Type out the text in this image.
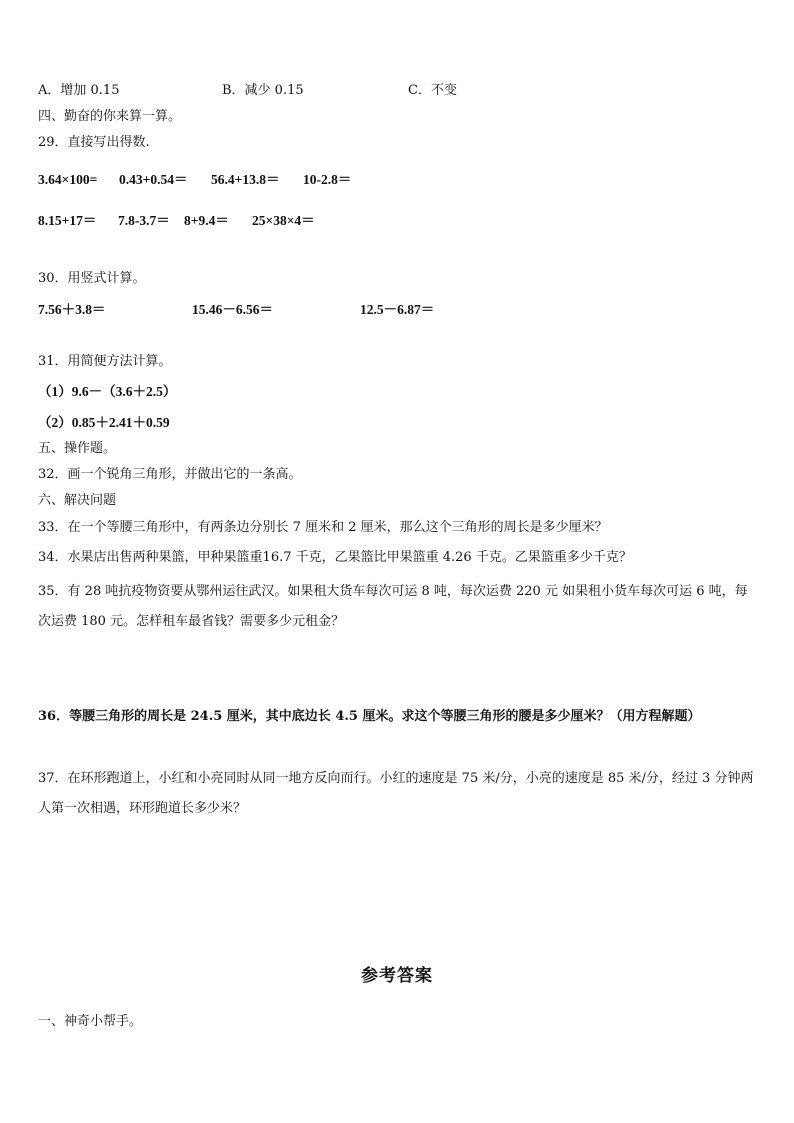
A．增加 0.15	B．减少 0.15	C．不变
四、勤奋的你来算一算。
29．直接写出得数.
3.64×100= 0.43+0.54＝ 56.4+13.8＝ 10-2.8＝
8.15+17＝ 7.8-3.7＝ 8+9.4＝ 25×38×4＝
30．用竖式计算。
7.56＋3.8＝	15.46－6.56＝	12.5－6.87＝
31．用简便方法计算。
（1）9.6－（3.6＋2.5）
（2）0.85＋2.41＋0.59
五、操作题。
32．画一个锐角三角形，并做出它的一条高。
六、解决问题
33．在一个等腰三角形中，有两条边分别长 7 厘米和 2 厘米，那么这个三角形的周长是多少厘米？
34．水果店出售两种果篮，甲种果篮重16.7 千克，乙果篮比甲果篮重 4.26 千克。乙果篮重多少千克？
35．有 28 吨抗疫物资要从鄂州运往武汉。如果租大货车每次可运 8 吨，每次运费 220 元 如果租小货车每次可运 6 吨，每次运费 180 元。怎样租车最省钱？需要多少元租金？
36．等腰三角形的周长是 24.5 厘米，其中底边长 4.5 厘米。求这个等腰三角形的腰是多少厘米？（用方程解题）
37．在环形跑道上，小红和小亮同时从同一地方反向而行。小红的速度是 75 米/分，小亮的速度是 85 米/分，经过 3 分钟两人第一次相遇，环形跑道长多少米？
参考答案
一、神奇小帮手。
